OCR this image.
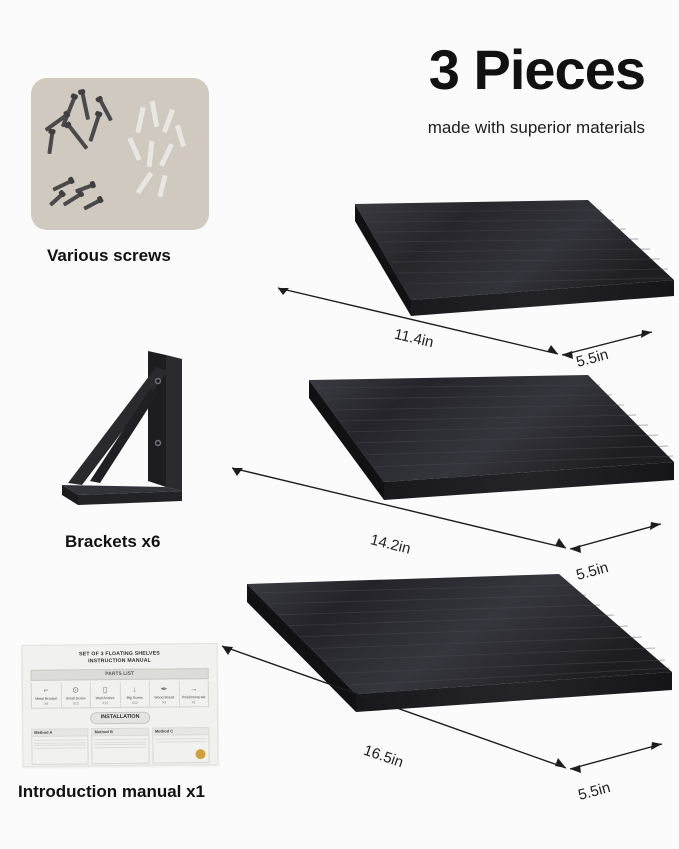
3 Pieces
made with superior materials
Various screws
Brackets x6
SET OF 3 FLOATING SHELVES
INSTRUCTION MANUAL
PARTS LIST
⌐
Metal Bracket
X6
⊙
Small Screw
X12
▯
Wall Anchor
X12
↓
Big Screw
X12
✒
Wood Board
X3
→
Positioning set
X1
INSTALLATION
Method A	Method B	Method C
Introduction manual x1
11.4in
5.5in
14.2in
5.5in
16.5in
5.5in
